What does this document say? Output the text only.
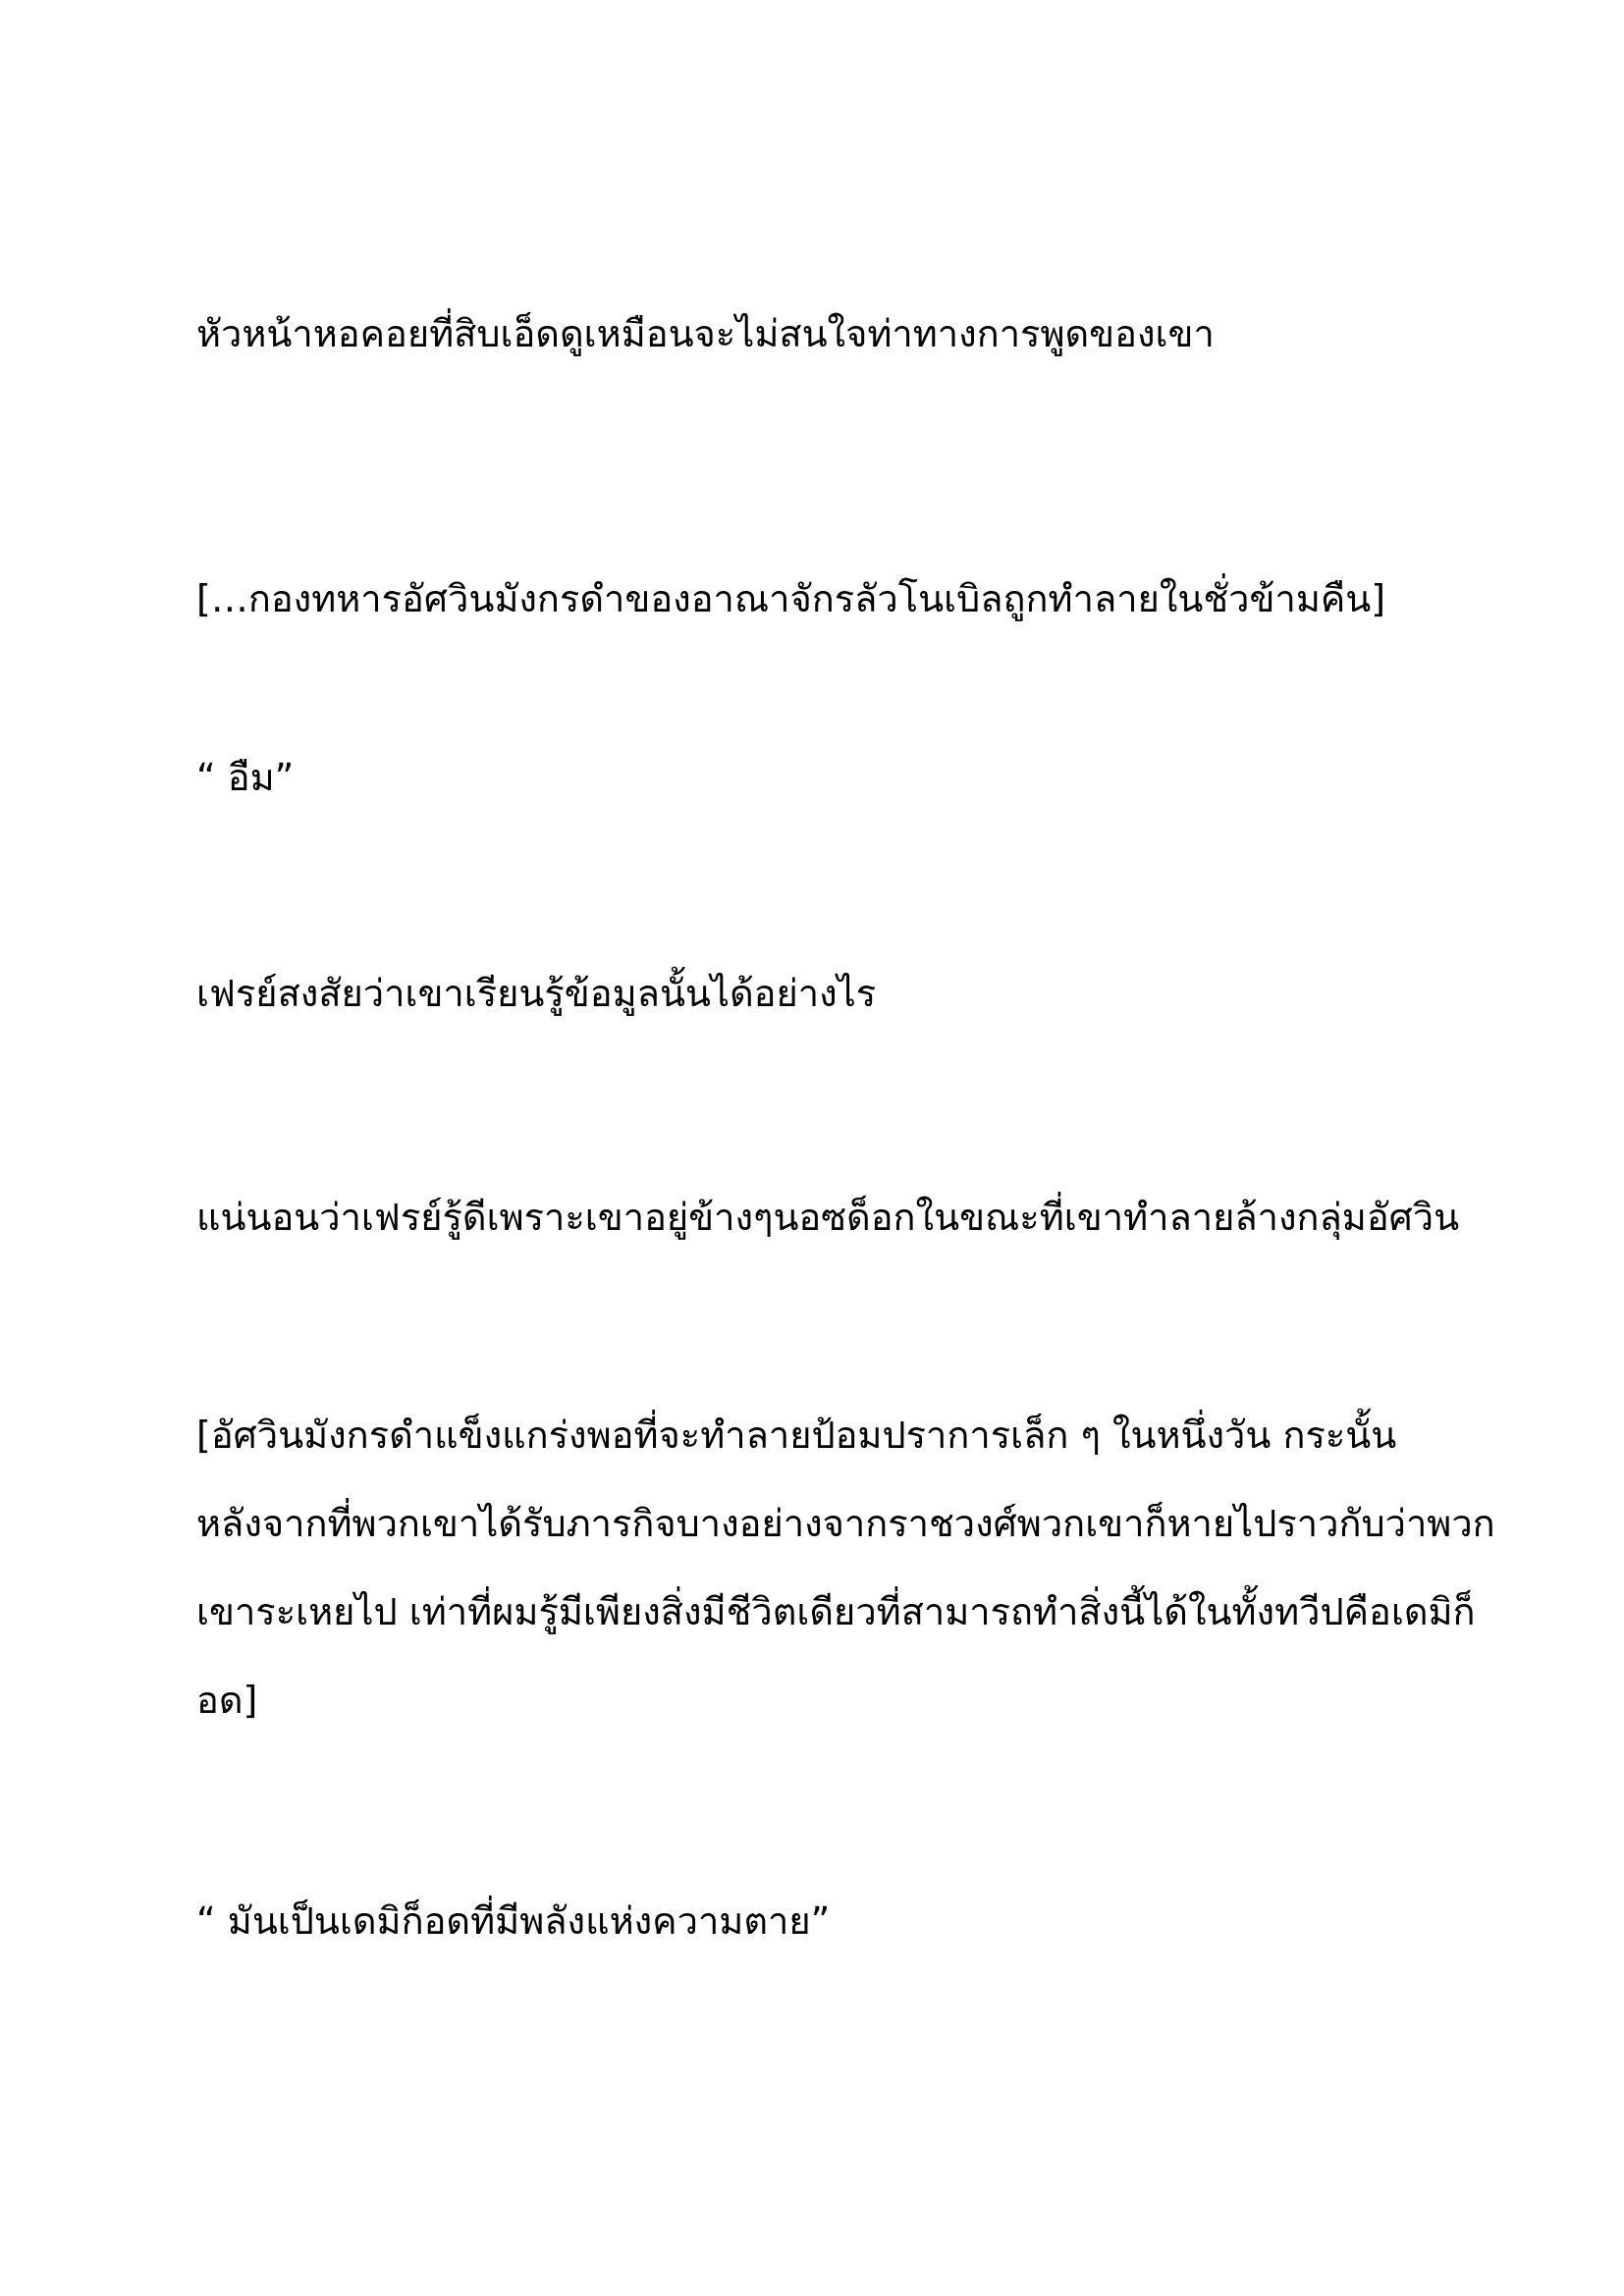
หัวหน้าหอคอยที่สิบเอ็ดดูเหมือนจะไม่สนใจท่าทางการพูดของเขา

[…กองทหารอัศวินมังกรดำของอาณาจักรลัวโนเบิลถูกทำลายในชั่วข้ามคืน]

“ อืม”

เฟรย์สงสัยว่าเขาเรียนรู้ข้อมูลนั้นได้อย่างไร

แน่นอนว่าเฟรย์รู้ดีเพราะเขาอยู่ข้างๆนอซด็อกในขณะที่เขาทำลายล้างกลุ่มอัศวิน

[อัศวินมังกรดำแข็งแกร่งพอที่จะทำลายป้อมปราการเล็ก ๆ ในหนึ่งวัน กระนั้น

หลังจากที่พวกเขาได้รับภารกิจบางอย่างจากราชวงศ์พวกเขาก็หายไปราวกับว่าพวก

เขาระเหยไป เท่าที่ผมรู้มีเพียงสิ่งมีชีวิตเดียวที่สามารถทำสิ่งนี้ได้ในทั้งทวีปคือเดมิก็

อด]

“ มันเป็นเดมิก็อดที่มีพลังแห่งความตาย”
